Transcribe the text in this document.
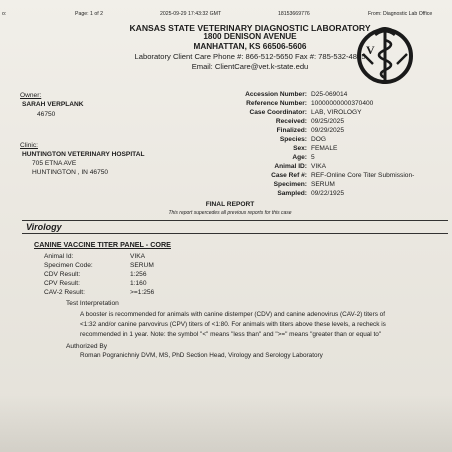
o:	Page: 1 of 2	2025-09-29 17:43:32 GMT	18153669776	From: Diagnostic Lab Office
KANSAS STATE VETERINARY DIAGNOSTIC LABORATORY
1800 DENISON AVENUE
MANHATTAN, KS 66506-5606
Laboratory Client Care Phone #: 866-512-5650 Fax #: 785-532-4835
Email: ClientCare@vet.k-state.edu
V
Owner:
SARAH VERPLANK
46750
Clinic:
HUNTINGTON VETERINARY HOSPITAL
705 ETNA AVE
HUNTINGTON , IN 46750
Accession Number: D25-069014
Reference Number: 10000000000370400
Case Coordinator: LAB, VIROLOGY
Received: 09/25/2025
Finalized: 09/29/2025
Species: DOG
Sex: FEMALE
Age: 5
Animal ID: VIKA
Case Ref #: REF-Online Core Titer Submission-
Specimen: SERUM
Sampled: 09/22/1925
FINAL REPORT
This report supercedes all previous reports for this case
Virology
CANINE VACCINE TITER PANEL - CORE
Animal Id:	VIKA
Specimen Code:	SERUM
CDV Result:	1:256
CPV Result:	1:160
CAV-2 Result:	>=1:256
Test Interpretation
A booster is recommended for animals with canine distemper (CDV) and canine adenovirus (CAV-2) titers of
<1:32 and/or canine parvovirus (CPV) titers of <1:80. For animals with titers above these levels, a recheck is
recommended in 1 year. Note: the symbol "<" means "less than" and ">=" means "greater than or equal to"
Authorized By
Roman Pogranichniy DVM, MS, PhD Section Head, Virology and Serology Laboratory
